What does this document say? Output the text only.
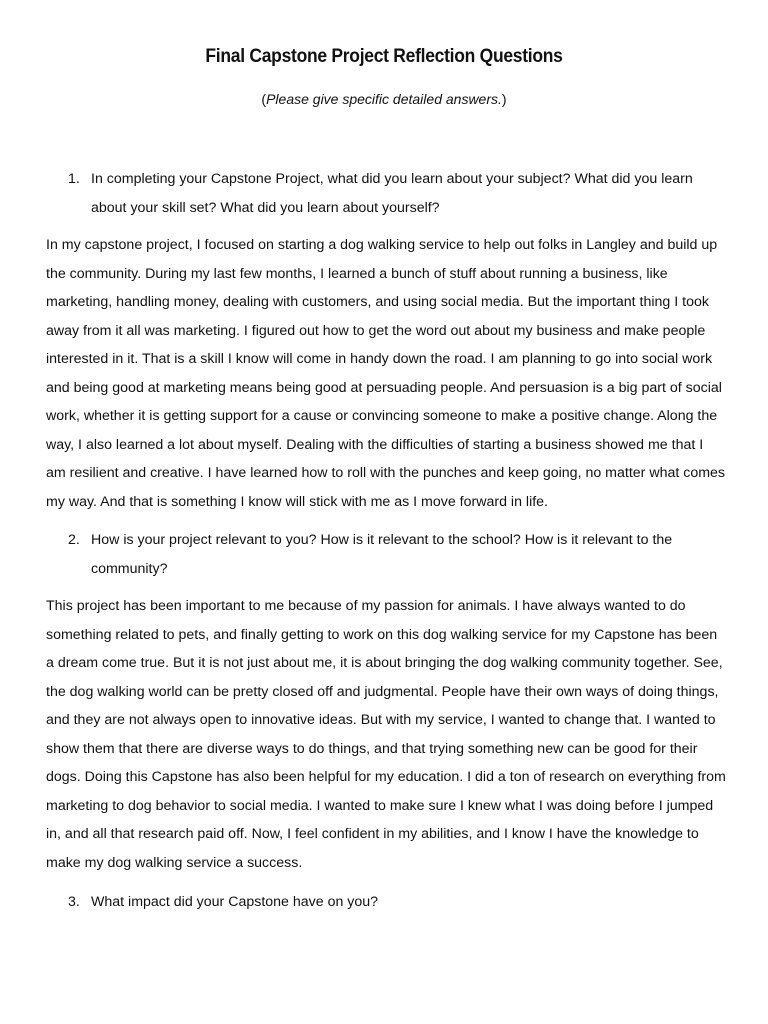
Final Capstone Project Reflection Questions
(Please give specific detailed answers.)
1. In completing your Capstone Project, what did you learn about your subject? What did you learn about your skill set? What did you learn about yourself?
In my capstone project, I focused on starting a dog walking service to help out folks in Langley and build up the community. During my last few months, I learned a bunch of stuff about running a business, like marketing, handling money, dealing with customers, and using social media. But the important thing I took away from it all was marketing. I figured out how to get the word out about my business and make people interested in it. That is a skill I know will come in handy down the road. I am planning to go into social work and being good at marketing means being good at persuading people. And persuasion is a big part of social work, whether it is getting support for a cause or convincing someone to make a positive change. Along the way, I also learned a lot about myself. Dealing with the difficulties of starting a business showed me that I am resilient and creative. I have learned how to roll with the punches and keep going, no matter what comes my way. And that is something I know will stick with me as I move forward in life.
2. How is your project relevant to you? How is it relevant to the school? How is it relevant to the community?
This project has been important to me because of my passion for animals. I have always wanted to do something related to pets, and finally getting to work on this dog walking service for my Capstone has been a dream come true. But it is not just about me, it is about bringing the dog walking community together. See, the dog walking world can be pretty closed off and judgmental. People have their own ways of doing things, and they are not always open to innovative ideas. But with my service, I wanted to change that. I wanted to show them that there are diverse ways to do things, and that trying something new can be good for their dogs. Doing this Capstone has also been helpful for my education. I did a ton of research on everything from marketing to dog behavior to social media. I wanted to make sure I knew what I was doing before I jumped in, and all that research paid off. Now, I feel confident in my abilities, and I know I have the knowledge to make my dog walking service a success.
3. What impact did your Capstone have on you?
